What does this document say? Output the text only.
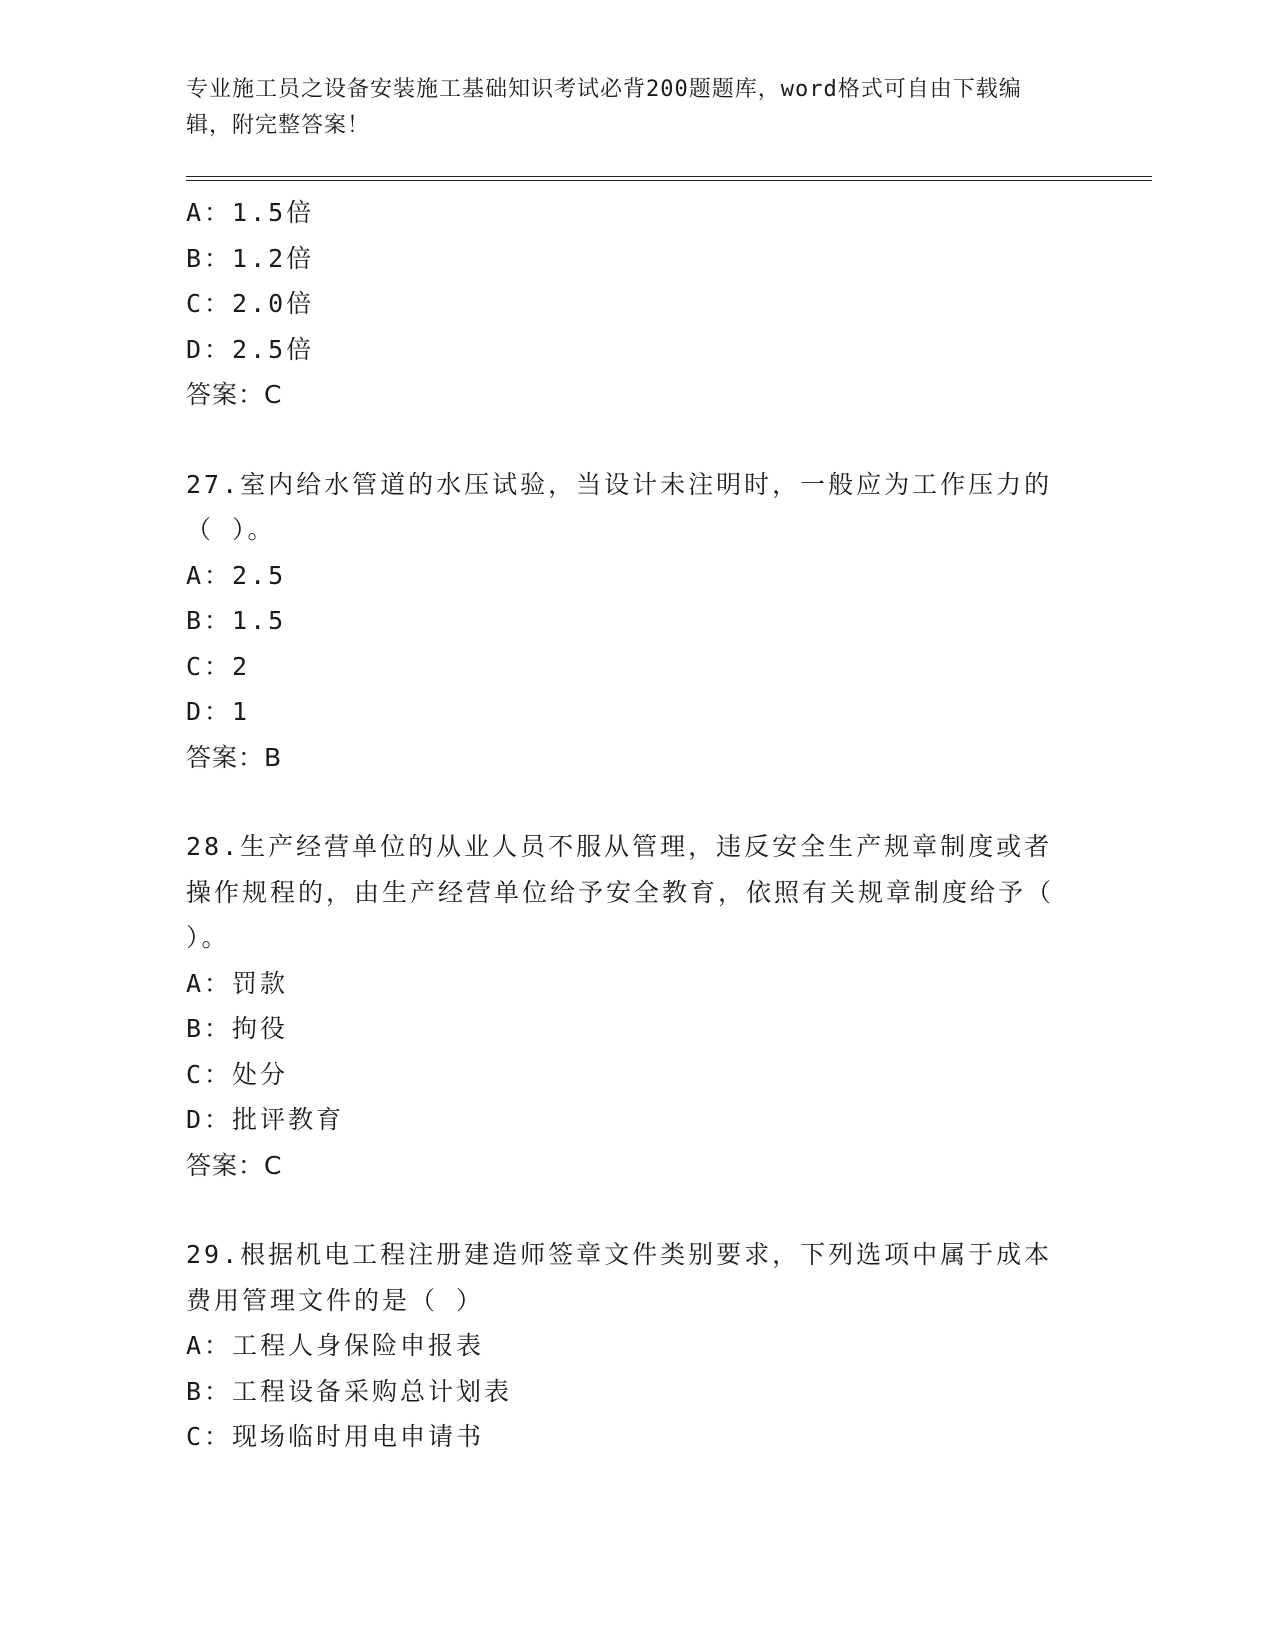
专业施工员之设备安装施工基础知识考试必背200题题库，word格式可自由下载编辑，附完整答案！
A：1.5倍
B：1.2倍
C：2.0倍
D：2.5倍
答案：C
27.室内给水管道的水压试验，当设计未注明时，一般应为工作压力的（ ）。
A：2.5
B：1.5
C：2
D：1
答案：B
28.生产经营单位的从业人员不服从管理，违反安全生产规章制度或者操作规程的，由生产经营单位给予安全教育，依照有关规章制度给予（ ）。
A：罚款
B：拘役
C：处分
D：批评教育
答案：C
29.根据机电工程注册建造师签章文件类别要求，下列选项中属于成本费用管理文件的是（ ）
A：工程人身保险申报表
B：工程设备采购总计划表
C：现场临时用电申请书
